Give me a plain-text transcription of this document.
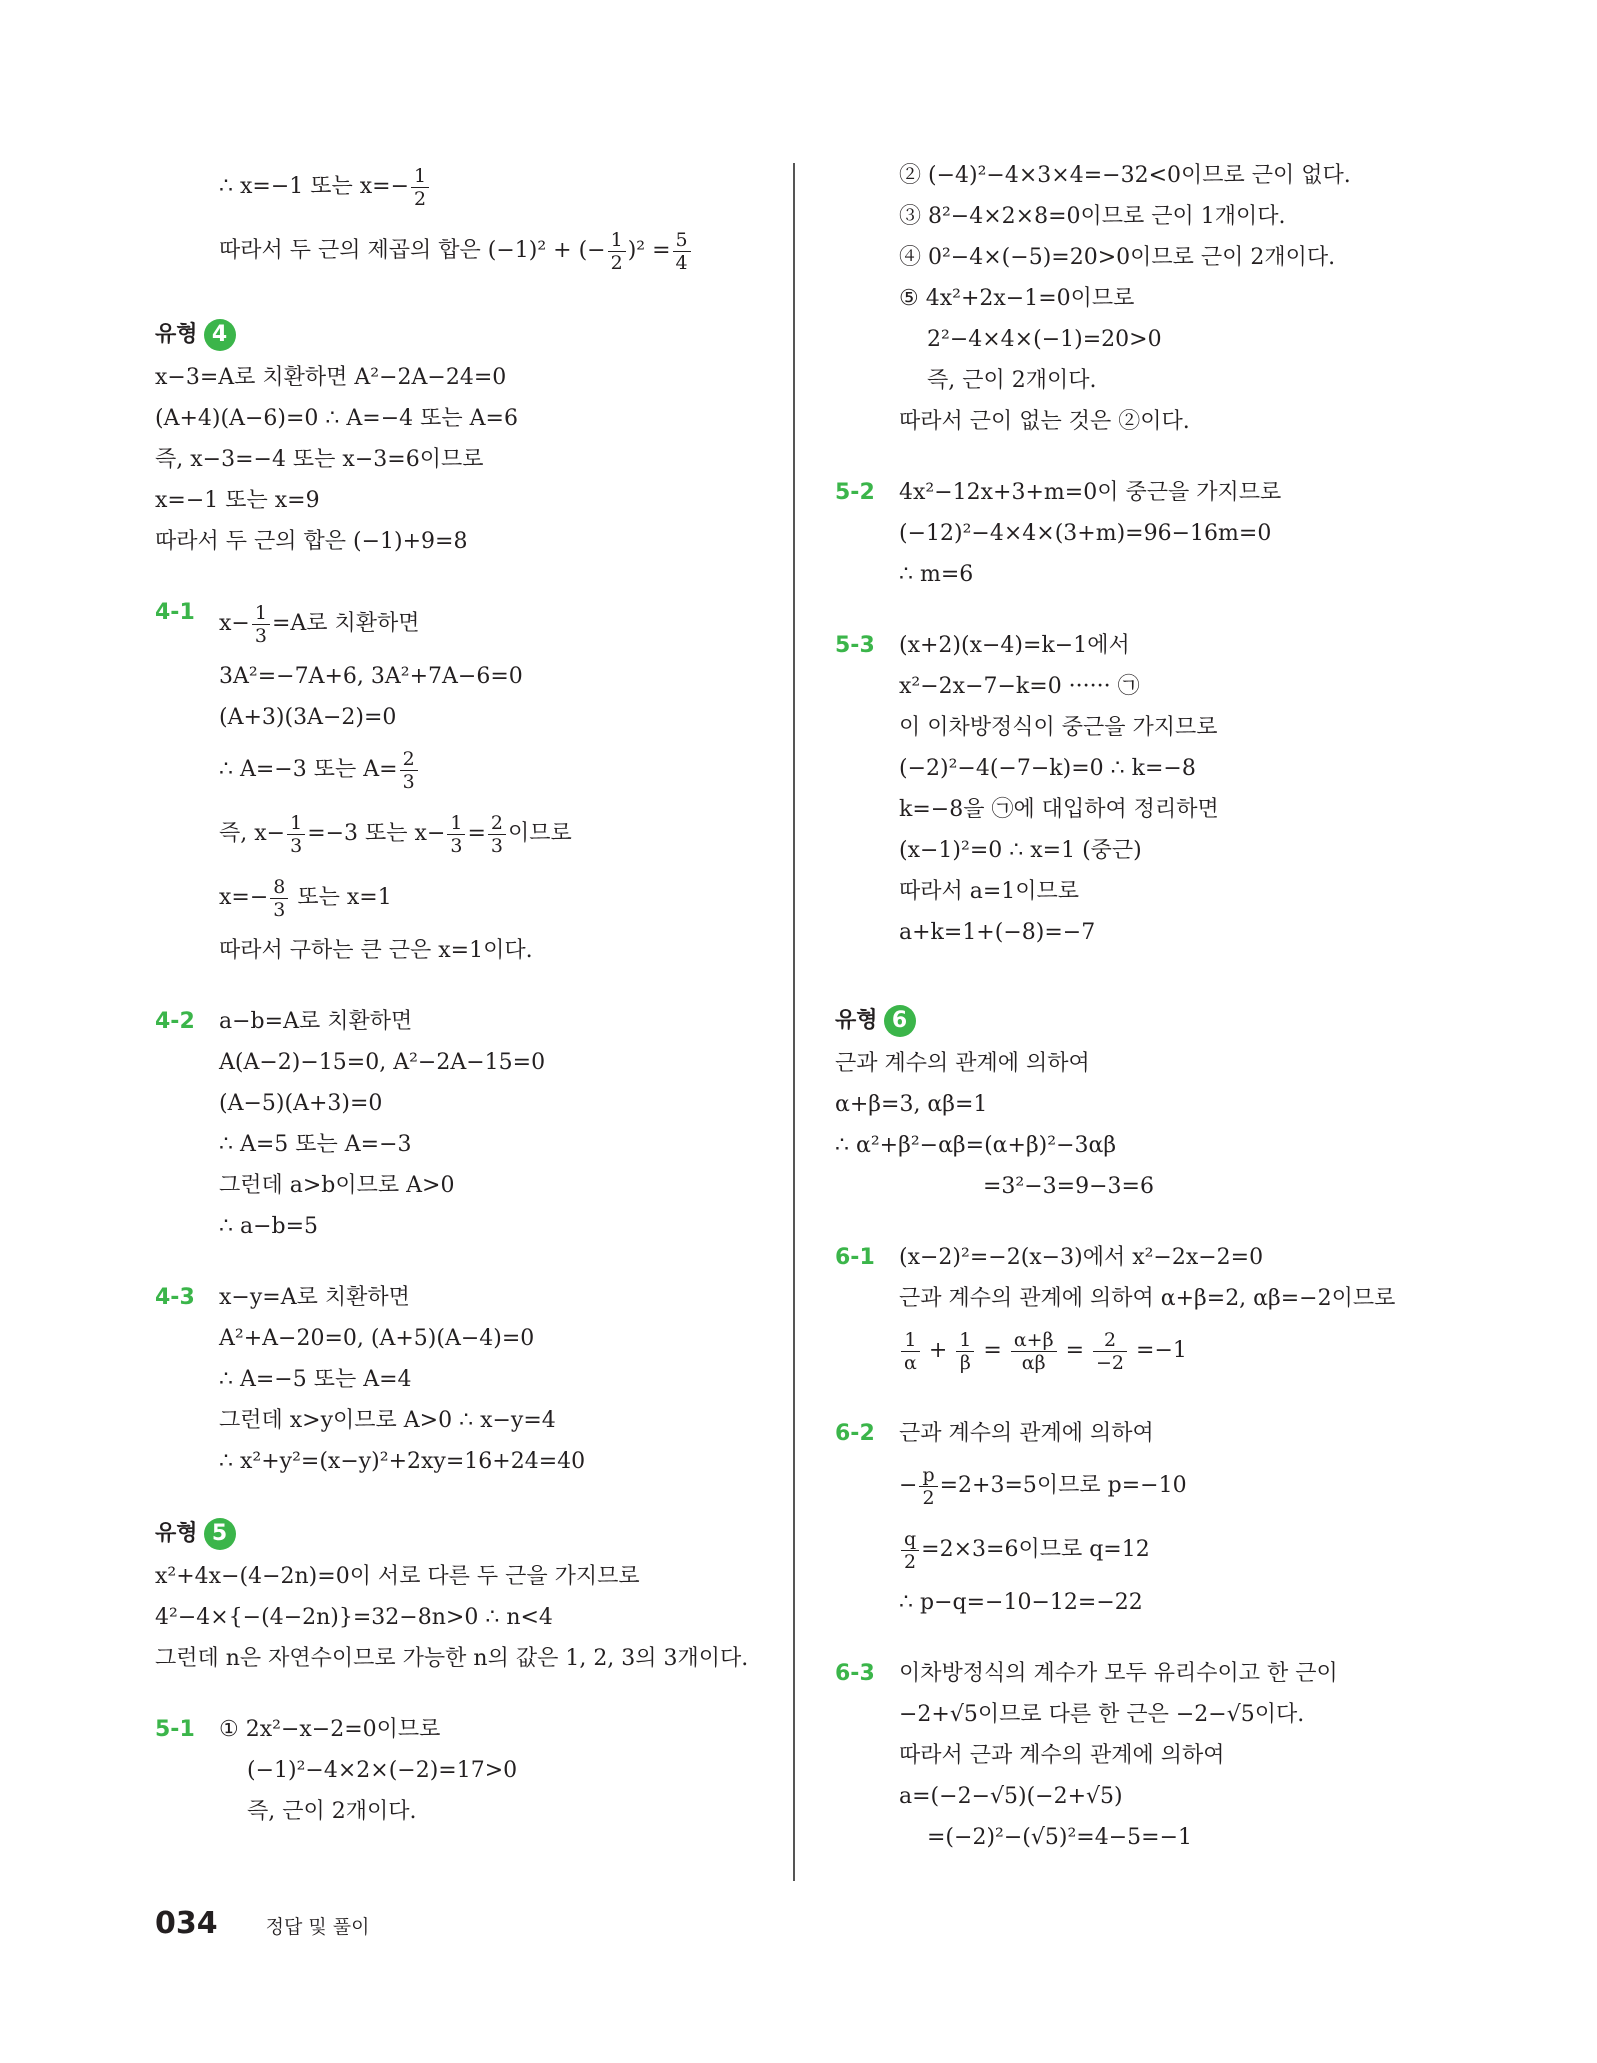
∴ x=−1 또는 $x=- \frac{1}{2}$
따라서 두 근의 제곱의 합은 (−1)² + (− $\frac{1}{2} )^2 = \frac{5}{4}$
유형 4
x−3=A로 치환하면 A²−2A−24=0
(A+4)(A−6)=0 ∴ A=−4 또는 A=6
즉, x−3=−4 또는 x−3=6이므로
x=−1 또는 x=9
따라서 두 근의 합은 (−1)+9=8
4-1 $x- \frac{1}{3} =A$로 치환하면
3A²=−7A+6, 3A²+7A−6=0
(A+3)(3A−2)=0
∴ A=−3 또는 $A= \frac{2}{3}$
즉, $x- \frac{1}{3} =-3$ 또는 $x- \frac{1}{3} = \frac{2}{3}$ 이므로
$x=- \frac{8}{3}$ 또는 x=1
따라서 구하는 큰 근은 x=1이다.
4-2 a−b=A로 치환하면
A(A−2)−15=0, A²−2A−15=0
(A−5)(A+3)=0
∴ A=5 또는 A=−3
그런데 a>b이므로 A>0
∴ a−b=5
4-3 x−y=A로 치환하면
A²+A−20=0, (A+5)(A−4)=0
∴ A=−5 또는 A=4
그런데 x>y이므로 A>0 ∴ x−y=4
∴ x²+y²=(x−y)²+2xy=16+24=40
유형 5
x²+4x−(4−2n)=0이 서로 다른 두 근을 가지므로
4²−4×{−(4−2n)}=32−8n>0 ∴ n<4
그런데 n은 자연수이므로 가능한 n의 값은 1, 2, 3의 3개이다.
5-1 ① 2x²−x−2=0이므로
(−1)²−4×2×(−2)=17>0
즉, 근이 2개이다.
② (−4)²−4×3×4=−32<0이므로 근이 없다.
③ 8²−4×2×8=0이므로 근이 1개이다.
④ 0²−4×(−5)=20>0이므로 근이 2개이다.
⑤ 4x²+2x−1=0이므로
2²−4×4×(−1)=20>0
즉, 근이 2개이다.
따라서 근이 없는 것은 ②이다.
5-2 4x²−12x+3+m=0이 중근을 가지므로
(−12)²−4×4×(3+m)=96−16m=0
∴ m=6
5-3 (x+2)(x−4)=k−1에서
x²−2x−7−k=0 ······ ㉠
이 이차방정식이 중근을 가지므로
(−2)²−4(−7−k)=0 ∴ k=−8
k=−8을 ㉠에 대입하여 정리하면
(x−1)²=0 ∴ x=1 (중근)
따라서 a=1이므로
a+k=1+(−8)=−7
유형 6
근과 계수의 관계에 의하여
α+β=3, αβ=1
∴ α²+β²−αβ=(α+β)²−3αβ
=3²−3=9−3=6
6-1 (x−2)²=−2(x−3)에서 x²−2x−2=0
근과 계수의 관계에 의하여 α+β=2, αβ=−2이므로
$\frac{1}{\alpha} + \frac{1}{\beta} = \frac{\alpha+\beta}{\alpha\beta} = \frac{2}{-2} =-1$
6-2 근과 계수의 관계에 의하여
− $\frac{p}{2} =2+3=5$이므로 p=−10
$\frac{q}{2} =2\times 3=6$이므로 q=12
∴ p−q=−10−12=−22
6-3 이차방정식의 계수가 모두 유리수이고 한 근이
−2+√5이므로 다른 한 근은 −2−√5이다.
따라서 근과 계수의 관계에 의하여
a=(−2−√5)(−2+√5)
=(−2)²−(√5)²=4−5=−1
034	정답 및 풀이
